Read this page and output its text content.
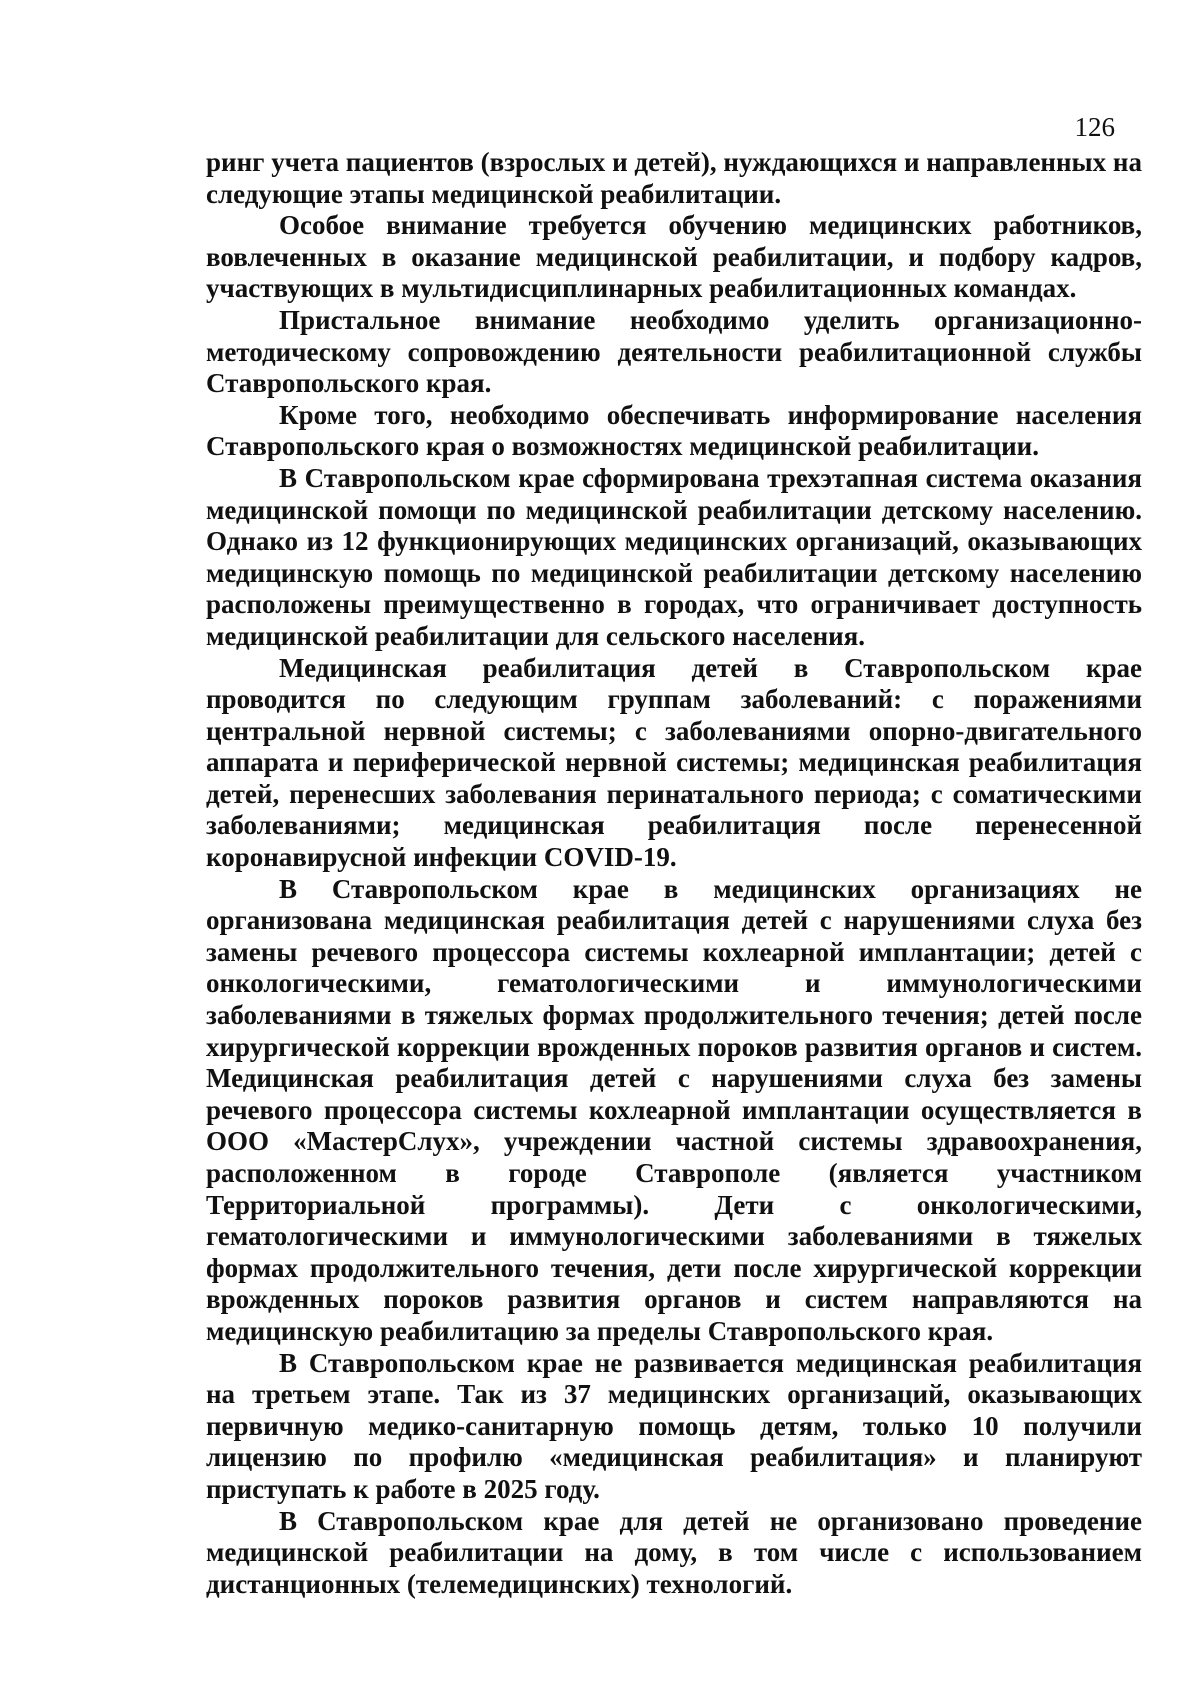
126

ринг учета пациентов (взрослых и детей), нуждающихся и направленных на следующие этапы медицинской реабилитации.

Особое внимание требуется обучению медицинских работников, вовлеченных в оказание медицинской реабилитации, и подбору кадров, участвующих в мультидисциплинарных реабилитационных командах.

Пристальное внимание необходимо уделить организационно-методическому сопровождению деятельности реабилитационной службы Ставропольского края.

Кроме того, необходимо обеспечивать информирование населения Ставропольского края о возможностях медицинской реабилитации.

В Ставропольском крае сформирована трехэтапная система оказания медицинской помощи по медицинской реабилитации детскому населению. Однако из 12 функционирующих медицинских организаций, оказывающих медицинскую помощь по медицинской реабилитации детскому населению расположены преимущественно в городах, что ограничивает доступность медицинской реабилитации для сельского населения.

Медицинская реабилитация детей в Ставропольском крае проводится по следующим группам заболеваний: с поражениями центральной нервной системы; с заболеваниями опорно-двигательного аппарата и периферической нервной системы; медицинская реабилитация детей, перенесших заболевания перинатального периода; с соматическими заболеваниями; медицинская реабилитация после перенесенной коронавирусной инфекции COVID-19.

В Ставропольском крае в медицинских организациях не организована медицинская реабилитация детей с нарушениями слуха без замены речевого процессора системы кохлеарной имплантации; детей с онкологическими, гематологическими и иммунологическими заболеваниями в тяжелых формах продолжительного течения; детей после хирургической коррекции врожденных пороков развития органов и систем. Медицинская реабилитация детей с нарушениями слуха без замены речевого процессора системы кохлеарной имплантации осуществляется в ООО «МастерСлух», учреждении частной системы здравоохранения, расположенном в городе Ставрополе (является участником Территориальной программы). Дети с онкологическими, гематологическими и иммунологическими заболеваниями в тяжелых формах продолжительного течения, дети после хирургической коррекции врожденных пороков развития органов и систем направляются на медицинскую реабилитацию за пределы Ставропольского края.

В Ставропольском крае не развивается медицинская реабилитация на третьем этапе. Так из 37 медицинских организаций, оказывающих первичную медико-санитарную помощь детям, только 10 получили лицензию по профилю «медицинская реабилитация» и планируют приступать к работе в 2025 году.

В Ставропольском крае для детей не организовано проведение медицинской реабилитации на дому, в том числе с использованием дистанционных (телемедицинских) технологий.
